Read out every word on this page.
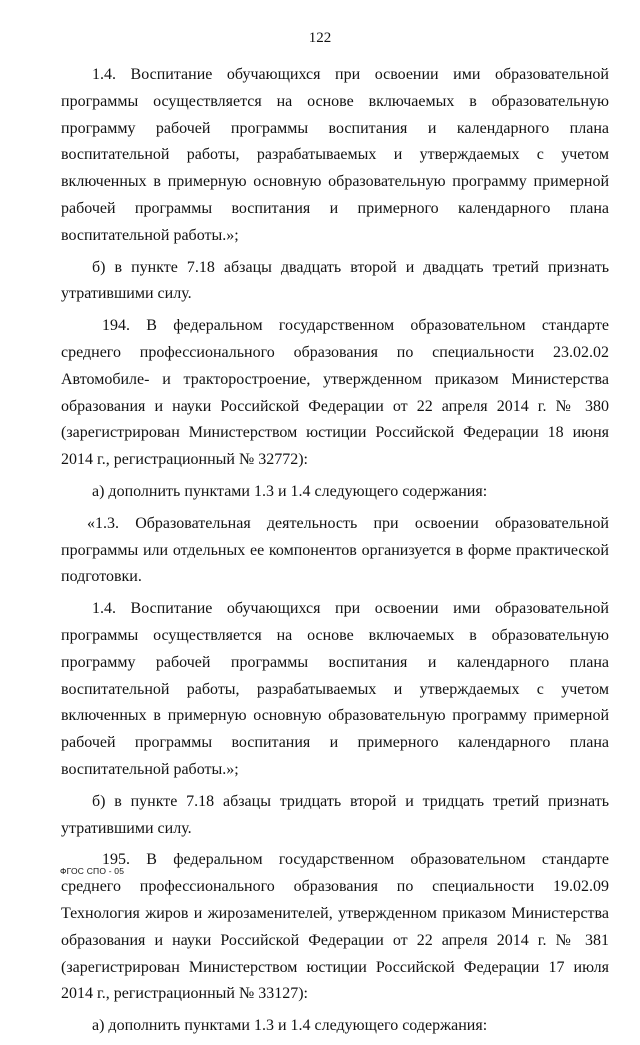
122

1.4. Воспитание обучающихся при освоении ими образовательной программы осуществляется на основе включаемых в образовательную программу рабочей программы воспитания и календарного плана воспитательной работы, разрабатываемых и утверждаемых с учетом включенных в примерную основную образовательную программу примерной рабочей программы воспитания и примерного календарного плана воспитательной работы.»;

б) в пункте 7.18 абзацы двадцать второй и двадцать третий признать утратившими силу.

194. В федеральном государственном образовательном стандарте среднего профессионального образования по специальности 23.02.02 Автомобиле- и тракторостроение, утвержденном приказом Министерства образования и науки Российской Федерации от 22 апреля 2014 г. № 380 (зарегистрирован Министерством юстиции Российской Федерации 18 июня 2014 г., регистрационный № 32772):

а) дополнить пунктами 1.3 и 1.4 следующего содержания:

«1.3. Образовательная деятельность при освоении образовательной программы или отдельных ее компонентов организуется в форме практической подготовки.

1.4. Воспитание обучающихся при освоении ими образовательной программы осуществляется на основе включаемых в образовательную программу рабочей программы воспитания и календарного плана воспитательной работы, разрабатываемых и утверждаемых с учетом включенных в примерную основную образовательную программу примерной рабочей программы воспитания и примерного календарного плана воспитательной работы.»;

б) в пункте 7.18 абзацы тридцать второй и тридцать третий признать утратившими силу.

195. В федеральном государственном образовательном стандарте среднего профессионального образования по специальности 19.02.09 Технология жиров и жирозаменителей, утвержденном приказом Министерства образования и науки Российской Федерации от 22 апреля 2014 г. № 381 (зарегистрирован Министерством юстиции Российской Федерации 17 июля 2014 г., регистрационный № 33127):

а) дополнить пунктами 1.3 и 1.4 следующего содержания:

ФГОС СПО - 05
